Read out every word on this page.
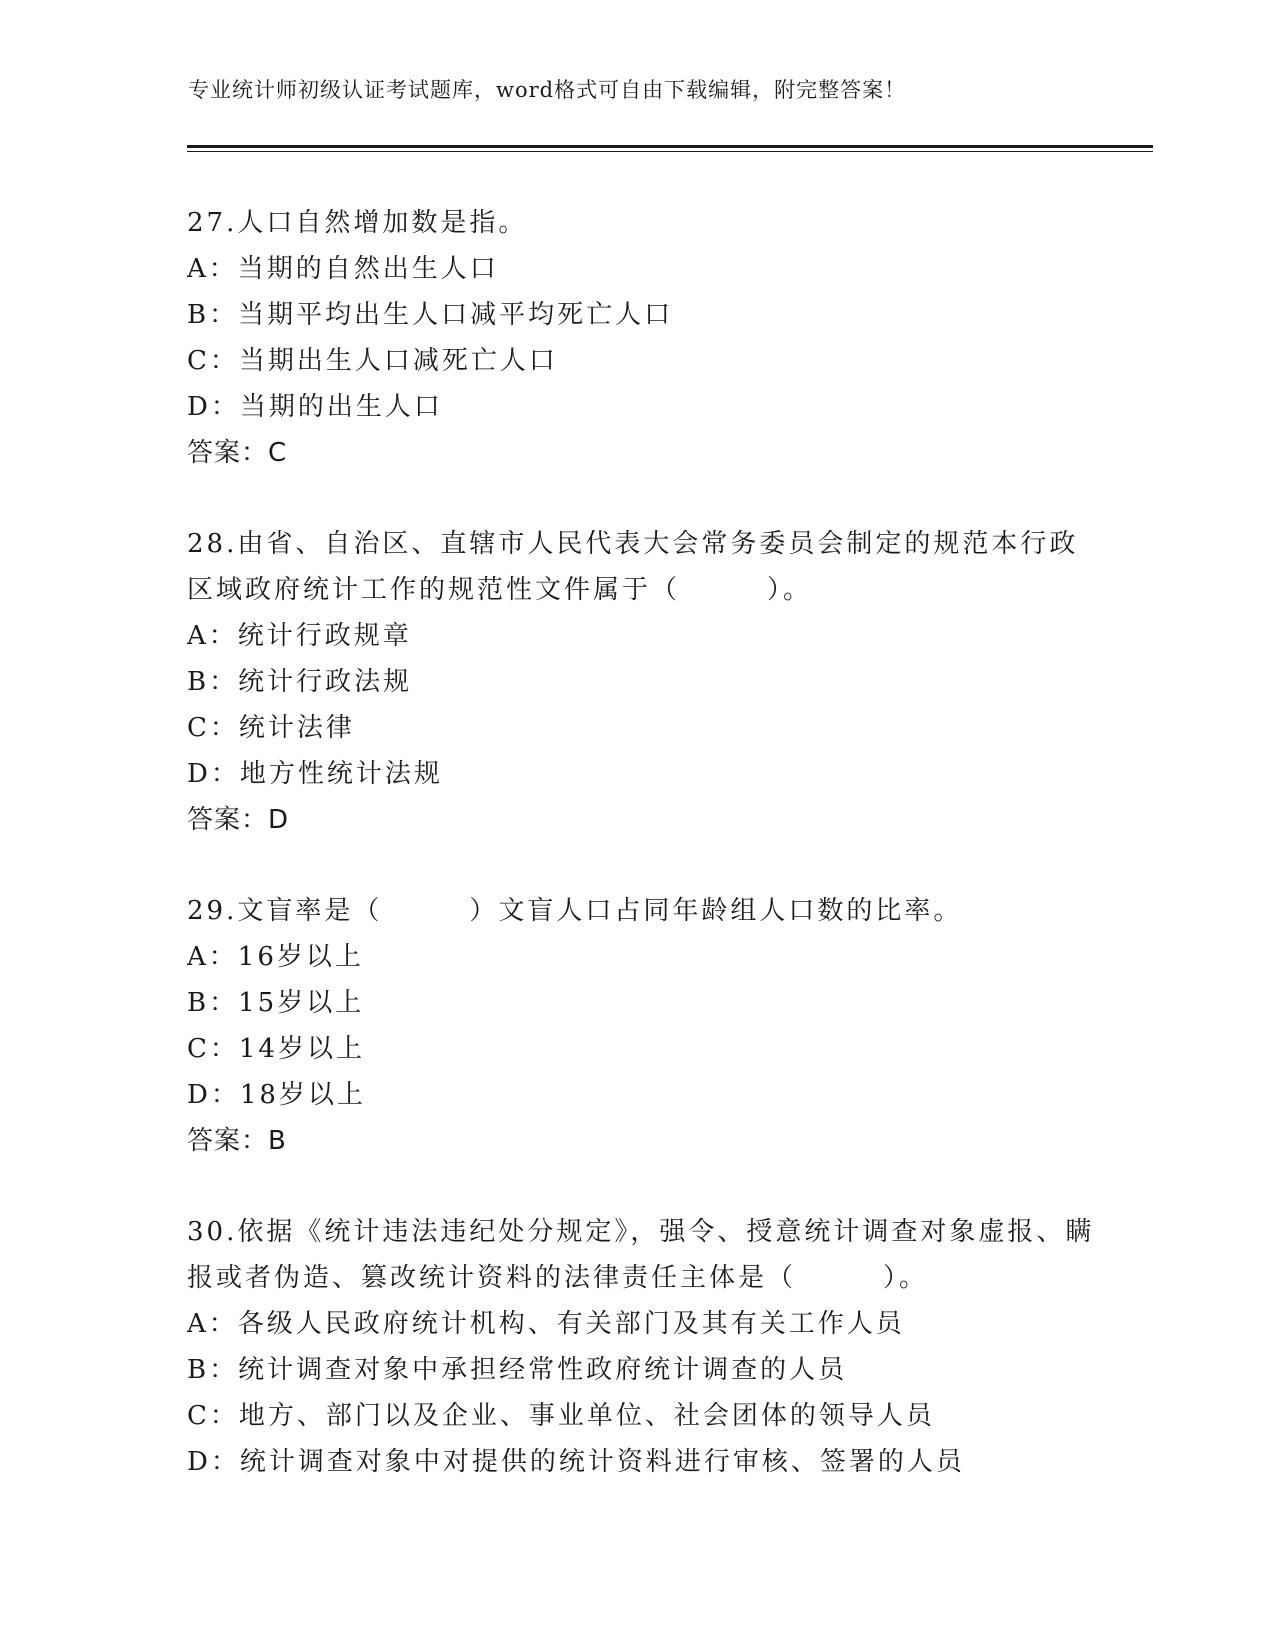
专业统计师初级认证考试题库，word格式可自由下载编辑，附完整答案！
27.人口自然增加数是指。
A：当期的自然出生人口
B：当期平均出生人口减平均死亡人口
C：当期出生人口减死亡人口
D：当期的出生人口
答案：C
28.由省、自治区、直辖市人民代表大会常务委员会制定的规范本行政区域政府统计工作的规范性文件属于（　　　）。
A：统计行政规章
B：统计行政法规
C：统计法律
D：地方性统计法规
答案：D
29.文盲率是（　　　）文盲人口占同年龄组人口数的比率。
A：16岁以上
B：15岁以上
C：14岁以上
D：18岁以上
答案：B
30.依据《统计违法违纪处分规定》，强令、授意统计调查对象虚报、瞒报或者伪造、篡改统计资料的法律责任主体是（　　　）。
A：各级人民政府统计机构、有关部门及其有关工作人员
B：统计调查对象中承担经常性政府统计调查的人员
C：地方、部门以及企业、事业单位、社会团体的领导人员
D：统计调查对象中对提供的统计资料进行审核、签署的人员
